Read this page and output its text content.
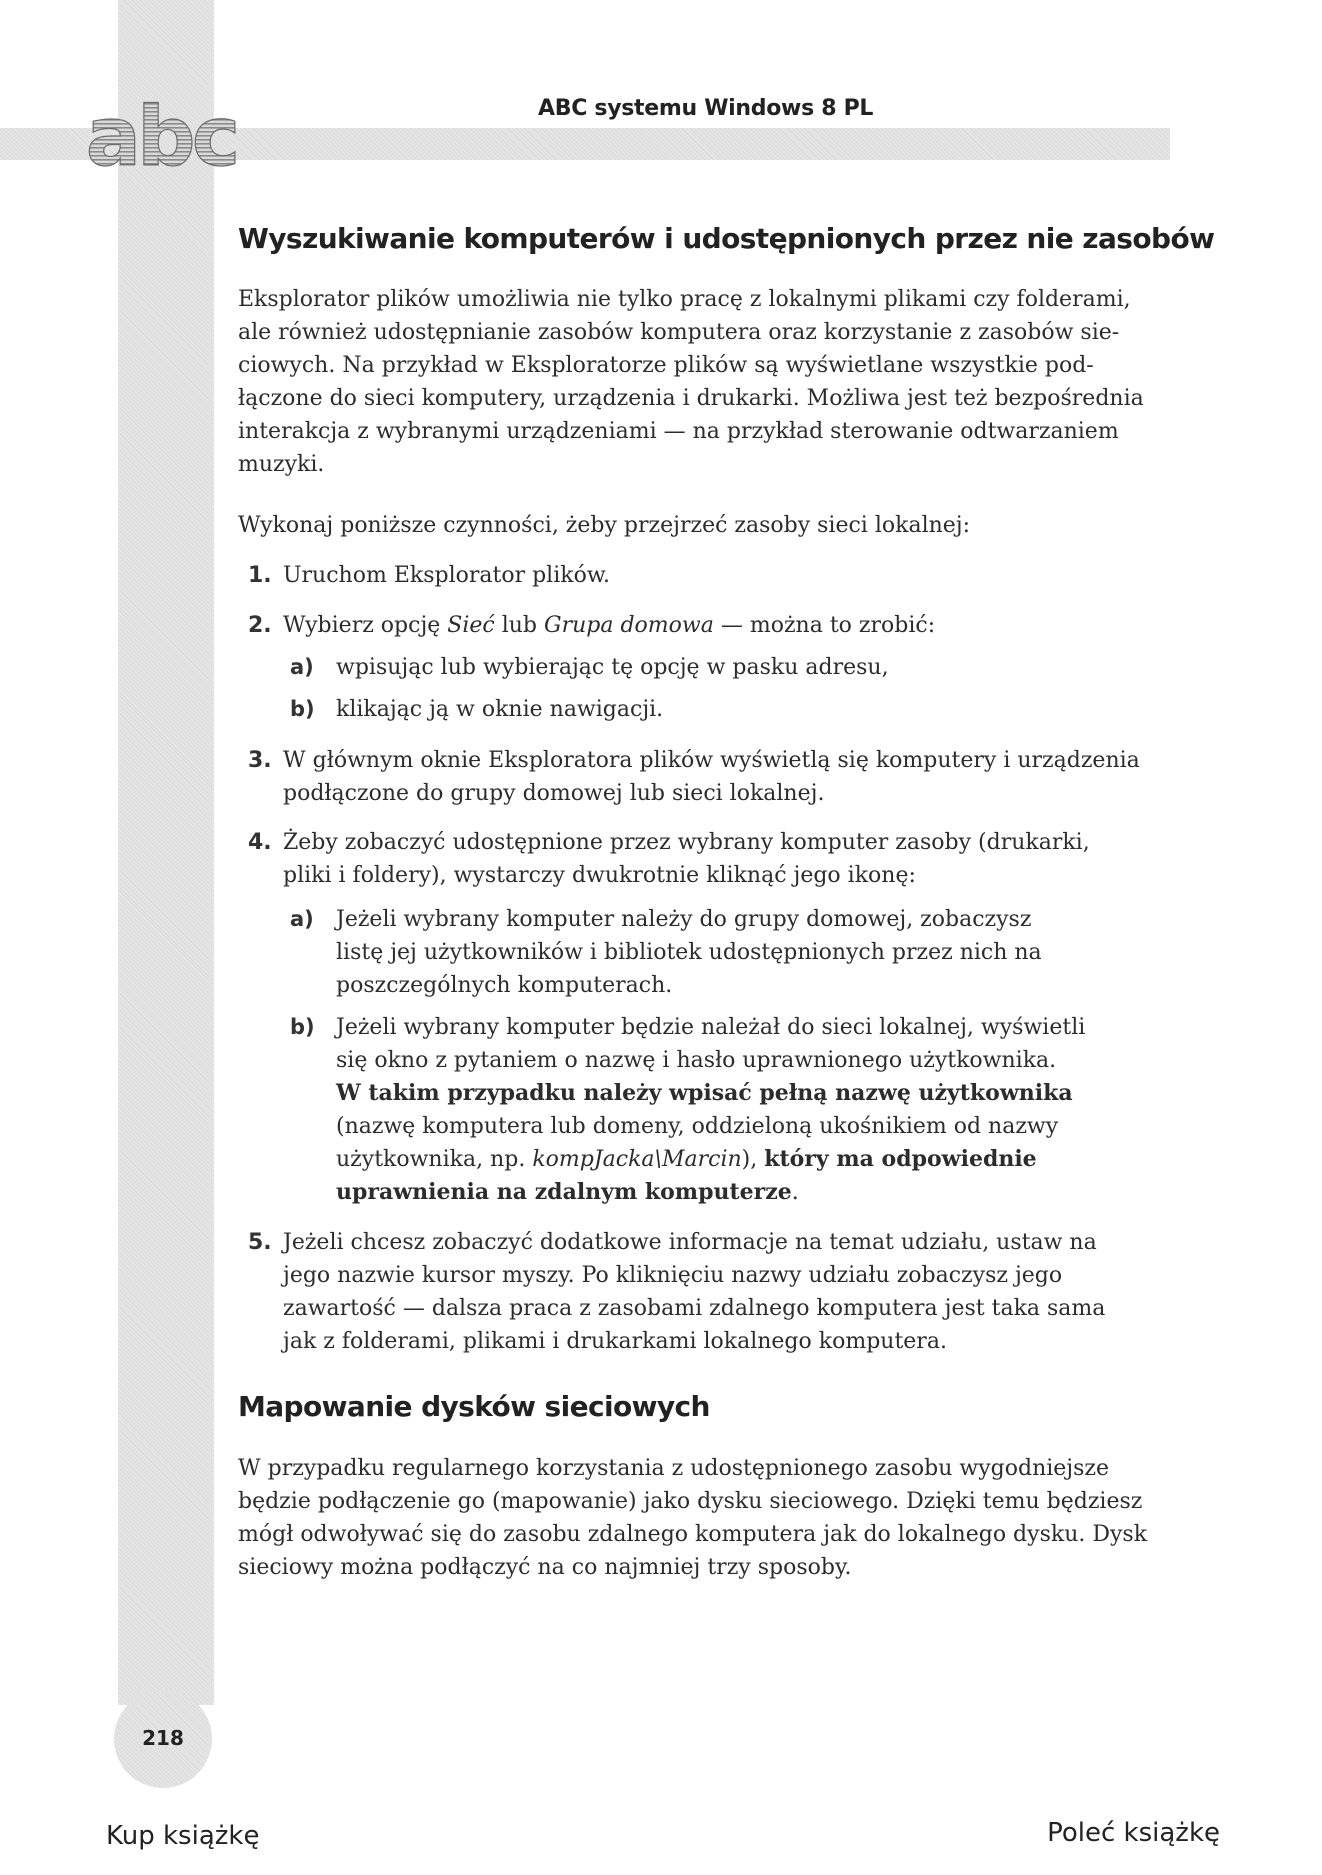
abc	ABC systemu Windows 8 PL
Wyszukiwanie komputerów i udostępnionych przez nie zasobów

Eksplorator plików umożliwia nie tylko pracę z lokalnymi plikami czy folderami,
ale również udostępnianie zasobów komputera oraz korzystanie z zasobów sie-
ciowych. Na przykład w Eksploratorze plików są wyświetlane wszystkie pod-
łączone do sieci komputery, urządzenia i drukarki. Możliwa jest też bezpośrednia
interakcja z wybranymi urządzeniami — na przykład sterowanie odtwarzaniem
muzyki.

Wykonaj poniższe czynności, żeby przejrzeć zasoby sieci lokalnej:

1. Uruchom Eksplorator plików.

2. Wybierz opcję Sieć lub Grupa domowa — można to zrobić:

a) wpisując lub wybierając tę opcję w pasku adresu,

b) klikając ją w oknie nawigacji.

3. W głównym oknie Eksploratora plików wyświetlą się komputery i urządzenia
podłączone do grupy domowej lub sieci lokalnej.

4. Żeby zobaczyć udostępnione przez wybrany komputer zasoby (drukarki,
pliki i foldery), wystarczy dwukrotnie kliknąć jego ikonę:

a) Jeżeli wybrany komputer należy do grupy domowej, zobaczysz
listę jej użytkowników i bibliotek udostępnionych przez nich na
poszczególnych komputerach.

b) Jeżeli wybrany komputer będzie należał do sieci lokalnej, wyświetli
się okno z pytaniem o nazwę i hasło uprawnionego użytkownika.
W takim przypadku należy wpisać pełną nazwę użytkownika
(nazwę komputera lub domeny, oddzieloną ukośnikiem od nazwy
użytkownika, np. kompJacka\Marcin), który ma odpowiednie
uprawnienia na zdalnym komputerze.

5. Jeżeli chcesz zobaczyć dodatkowe informacje na temat udziału, ustaw na
jego nazwie kursor myszy. Po kliknięciu nazwy udziału zobaczysz jego
zawartość — dalsza praca z zasobami zdalnego komputera jest taka sama
jak z folderami, plikami i drukarkami lokalnego komputera.

Mapowanie dysków sieciowych

W przypadku regularnego korzystania z udostępnionego zasobu wygodniejsze
będzie podłączenie go (mapowanie) jako dysku sieciowego. Dzięki temu będziesz
mógł odwoływać się do zasobu zdalnego komputera jak do lokalnego dysku. Dysk
sieciowy można podłączyć na co najmniej trzy sposoby.

218
Kup książkę	Poleć książkę
